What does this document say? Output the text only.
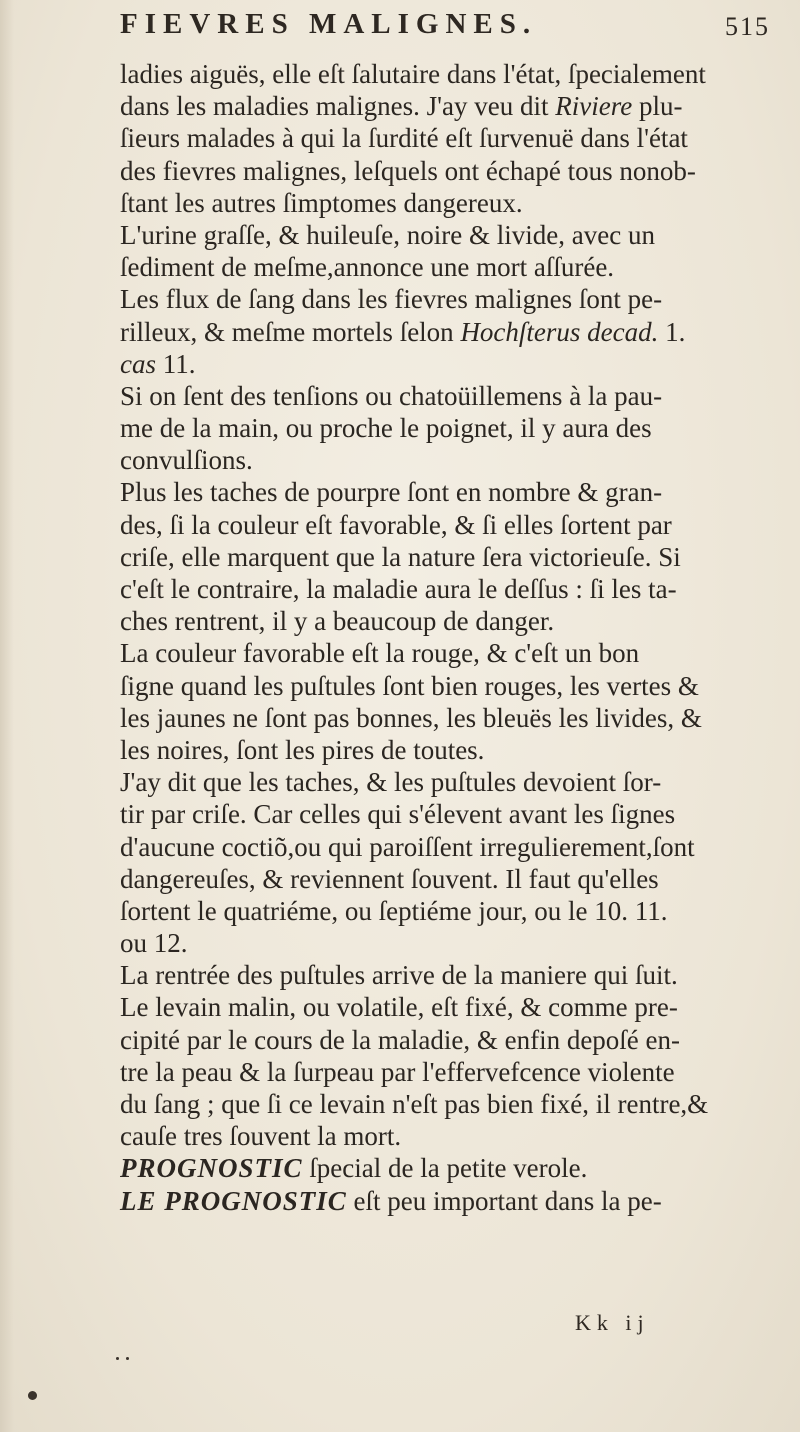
FIEVRES MALIGNES.	515
ladies aiguës, elle eſt ſalutaire dans l'état, ſpecialement
dans les maladies malignes. J'ay veu dit Riviere plu-
ſieurs malades à qui la ſurdité eſt ſurvenuë dans l'état
des fievres malignes, leſquels ont échapé tous nonob-
ſtant les autres ſimptomes dangereux.
L'urine graſſe, & huileuſe, noire & livide, avec un
ſediment de meſme,annonce une mort aſſurée.
Les flux de ſang dans les fievres malignes ſont pe-
rilleux, & meſme mortels ſelon Hochſterus decad. 1.
cas 11.
Si on ſent des tenſions ou chatoüillemens à la pau-
me de la main, ou proche le poignet, il y aura des
convulſions.
Plus les taches de pourpre ſont en nombre & gran-
des, ſi la couleur eſt favorable, & ſi elles ſortent par
criſe, elle marquent que la nature ſera victorieuſe. Si
c'eſt le contraire, la maladie aura le deſſus : ſi les ta-
ches rentrent, il y a beaucoup de danger.
La couleur favorable eſt la rouge, & c'eſt un bon
ſigne quand les puſtules ſont bien rouges, les vertes &
les jaunes ne ſont pas bonnes, les bleuës les livides, &
les noires, ſont les pires de toutes.
J'ay dit que les taches, & les puſtules devoient ſor-
tir par criſe. Car celles qui s'élevent avant les ſignes
d'aucune coctiõ,ou qui paroiſſent irregulierement,ſont
dangereuſes, & reviennent ſouvent. Il faut qu'elles
ſortent le quatriéme, ou ſeptiéme jour, ou le 10. 11.
ou 12.
La rentrée des puſtules arrive de la maniere qui ſuit.
Le levain malin, ou volatile, eſt fixé, & comme pre-
cipité par le cours de la maladie, & enfin depoſé en-
tre la peau & la ſurpeau par l'effervefcence violente
du ſang ; que ſi ce levain n'eſt pas bien fixé, il rentre,&
cauſe tres ſouvent la mort.
PROGNOSTIC ſpecial de la petite verole.
LE PROGNOSTIC eſt peu important dans la pe-
Kk ij
